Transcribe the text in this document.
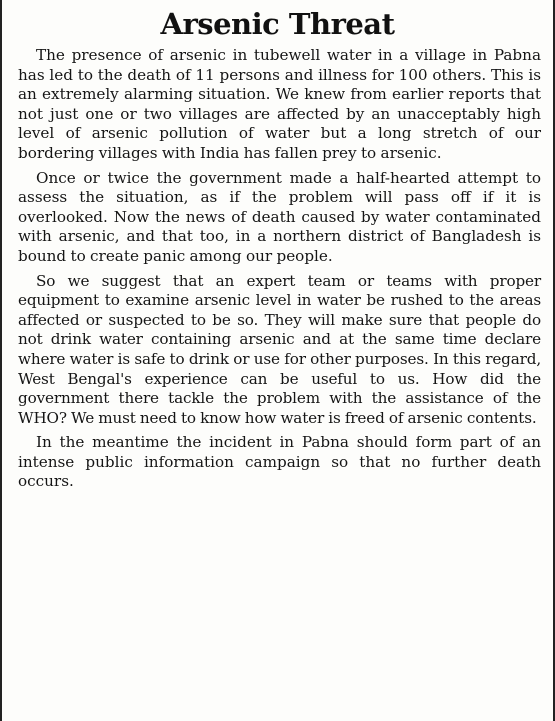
Arsenic Threat

The presence of arsenic in tubewell water in a village in Pabna has led to the death of 11 persons and illness for 100 others. This is an extremely alarming situation. We knew from earlier reports that not just one or two villages are affected by an unacceptably high level of arsenic pollution of water but a long stretch of our bordering villages with India has fallen prey to arsenic.

Once or twice the government made a half-hearted attempt to assess the situation, as if the problem will pass off if it is overlooked. Now the news of death caused by water contaminated with arsenic, and that too, in a northern district of Bangladesh is bound to create panic among our people.

So we suggest that an expert team or teams with proper equipment to examine arsenic level in water be rushed to the areas affected or suspected to be so. They will make sure that people do not drink water containing arsenic and at the same time declare where water is safe to drink or use for other purposes. In this regard, West Bengal's experience can be useful to us. How did the government there tackle the problem with the assistance of the WHO? We must need to know how water is freed of arsenic contents.

In the meantime the incident in Pabna should form part of an intense public information campaign so that no further death occurs.
